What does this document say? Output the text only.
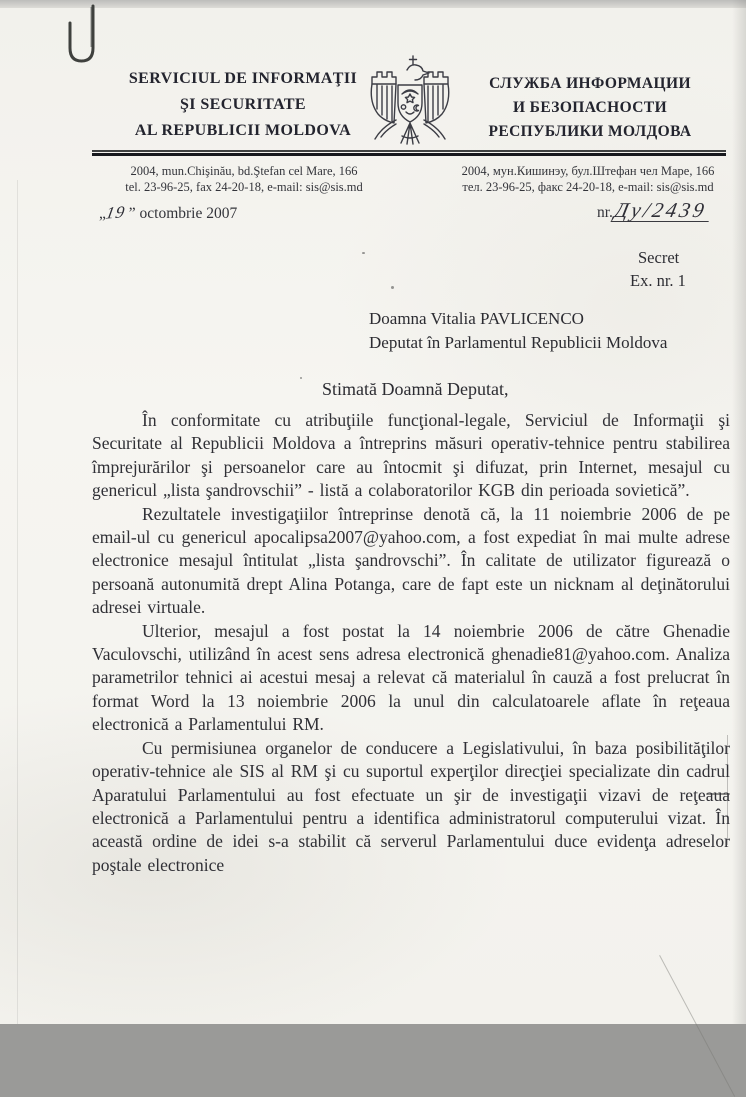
SERVICIUL DE INFORMAŢII
ŞI SECURITATE
AL REPUBLICII MOLDOVA
СЛУЖБА ИНФОРМАЦИИ
И БЕЗОПАСНОСТИ
РЕСПУБЛИКИ МОЛДОВА
2004, mun.Chişinău, bd.Ştefan cel Mare, 166
tel. 23-96-25, fax 24-20-18, e-mail: sis@sis.md
2004, мун.Кишинэу, бул.Штефан чел Маре, 166
тел. 23-96-25, факс 24-20-18, e-mail: sis@sis.md
„19 ” octombrie 2007	nr.Ду/2439
Secret
Ex. nr. 1
Doamna Vitalia PAVLICENCO
Deputat în Parlamentul Republicii Moldova
Stimată Doamnă Deputat,

În conformitate cu atribuţiile funcţional-legale, Serviciul de Informaţii şi Securitate al Republicii Moldova a întreprins măsuri operativ-tehnice pentru stabilirea împrejurărilor şi persoanelor care au întocmit şi difuzat, prin Internet, mesajul cu genericul „lista şandrovschii” - listă a colaboratorilor KGB din perioada sovietică”.

Rezultatele investigaţiilor întreprinse denotă că, la 11 noiembrie 2006 de pe email-ul cu genericul apocalipsa2007@yahoo.com, a fost expediat în mai multe adrese electronice mesajul întitulat „lista şandrovschi”. În calitate de utilizator figurează o persoană autonumită drept Alina Potanga, care de fapt este un nicknam al deţinătorului adresei virtuale.

Ulterior, mesajul a fost postat la 14 noiembrie 2006 de către Ghenadie Vaculovschi, utilizând în acest sens adresa electronică ghenadie81@yahoo.com. Analiza parametrilor tehnici ai acestui mesaj a relevat că materialul în cauză a fost prelucrat în format Word la 13 noiembrie 2006 la unul din calculatoarele aflate în reţeaua electronică a Parlamentului RM.

Cu permisiunea organelor de conducere a Legislativului, în baza posibilităţilor operativ-tehnice ale SIS al RM şi cu suportul experţilor direcţiei specializate din cadrul Aparatului Parlamentului au fost efectuate un şir de investigaţii vizavi de reţeaua electronică a Parlamentului pentru a identifica administratorul computerului vizat. În această ordine de idei s-a stabilit că serverul Parlamentului duce evidenţa adreselor poştale electronice
